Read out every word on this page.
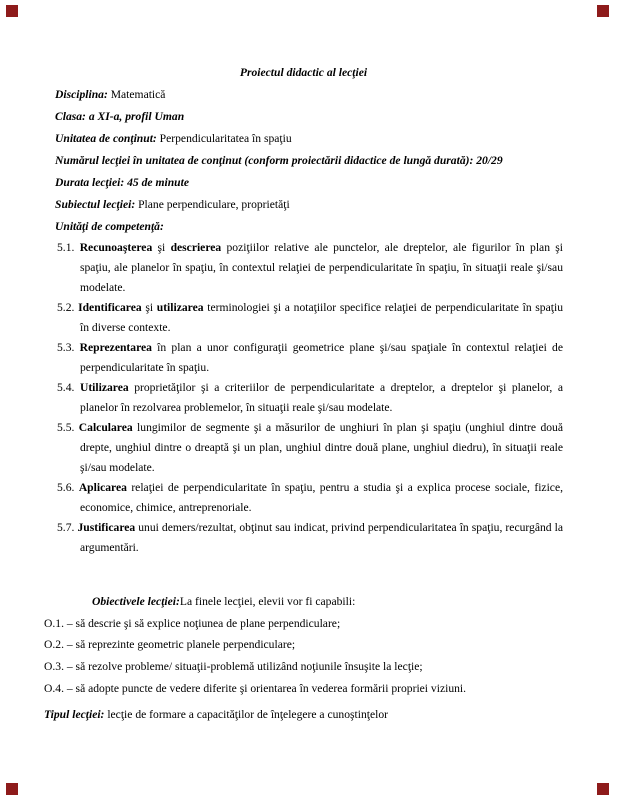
Proiectul didactic al lecţiei
Disciplina: Matematică
Clasa: a XI-a, profil Uman
Unitatea de conţinut: Perpendicularitatea în spaţiu
Numărul lecţiei în unitatea de conţinut (conform proiectării didactice de lungă durată): 20/29
Durata lecţiei: 45 de minute
Subiectul lecţiei: Plane perpendiculare, proprietăţi
Unităţi de competenţă:
5.1. Recunoaşterea şi descrierea poziţiilor relative ale punctelor, ale dreptelor, ale figurilor în plan şi spaţiu, ale planelor în spaţiu, în contextul relaţiei de perpendicularitate în spaţiu, în situaţii reale şi/sau modelate.
5.2. Identificarea şi utilizarea terminologiei şi a notaţiilor specifice relaţiei de perpendicularitate în spaţiu în diverse contexte.
5.3. Reprezentarea în plan a unor configuraţii geometrice plane şi/sau spaţiale în contextul relaţiei de perpendicularitate în spaţiu.
5.4. Utilizarea proprietăţilor şi a criteriilor de perpendicularitate a dreptelor, a dreptelor şi planelor, a planelor în rezolvarea problemelor, în situaţii reale şi/sau modelate.
5.5. Calcularea lungimilor de segmente şi a măsurilor de unghiuri în plan şi spaţiu (unghiul dintre două drepte, unghiul dintre o dreaptă şi un plan, unghiul dintre două plane, unghiul diedru), în situaţii reale şi/sau modelate.
5.6. Aplicarea relaţiei de perpendicularitate în spaţiu, pentru a studia şi a explica procese sociale, fizice, economice, chimice, antreprenoriale.
5.7. Justificarea unui demers/rezultat, obţinut sau indicat, privind perpendicularitatea în spaţiu, recurgând la argumentări.
Obiectivele lecţiei:La finele lecţiei, elevii vor fi capabili:
O.1. – să descrie şi să explice noţiunea de plane perpendiculare;
O.2. – să reprezinte geometric planele perpendiculare;
O.3. – să rezolve probleme/ situaţii-problemă utilizând noţiunile însuşite la lecţie;
O.4. – să adopte puncte de vedere diferite şi orientarea în vederea formării propriei viziuni.
Tipul lecţiei: lecţie de formare a capacităţilor de înţelegere a cunoştinţelor
